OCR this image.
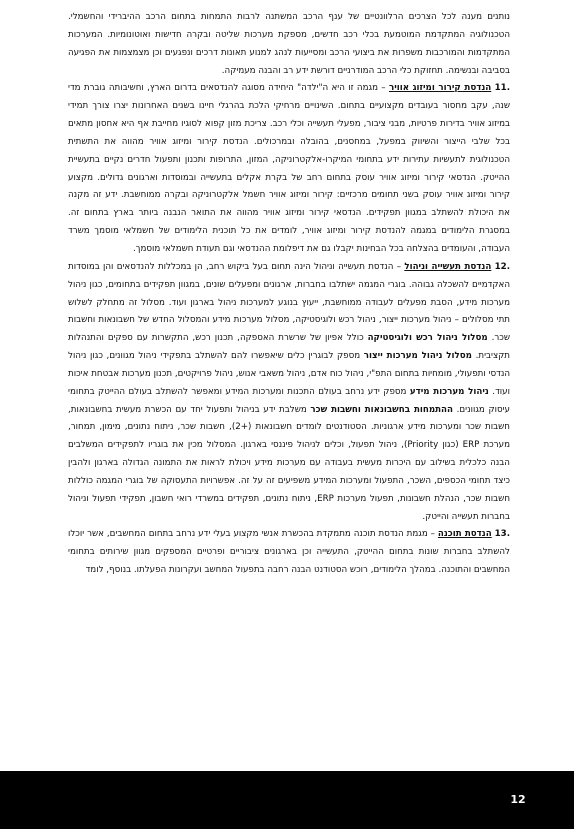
נותנים מענה לכל הצרכים הרלוונטיים של ענף הרכב המשתנה לרבות התמחות בתחום הרכב ההיברידי והחשמלי. הטכנולוגיה המתקדמת המוטמעת בכלי רכב חדשים, מספקת מערכות שליטה ובקרה חדישות ואוטונומיות. המערכות המתקדמות והמורכבות משפרות את ביצועי הרכב ומסייעות לנהג למנוע תאונות דרכים ונפגעים וכן מצמצמות את הפגיעה בסביבה ובנשימה. תחזוקת כלי הרכב המודרניים דורשת ידע רב והבנה מעמיקה.

.11 הנדסת קירור ומיזוג אוויר – מגמה זו היא ה"ילדה" היחידה מסוגה להנדסאים בדרום הארץ, וחשיבותה גוברת מדי שנה, עקב מחסור בעובדים מקצועיים בתחום. השינויים מרחיקי הלכת בהרגלי חיינו בשנים האחרונות יצרו צורך תמידי במיזוג אוויר בדירות פרטיות, מבני ציבור, מפעלי תעשייה וכלי רכב. צריכת מזון קפוא לסוגיו מחייבת אף היא אחסון מתאים בכל שלבי הייצור והשיווק במפעל, במחסנים, בהובלה ובמרכולים. הנדסת קירור ומיזוג אוויר מהווה את התשתית הטכנולוגית לתעשיות עתירות ידע בתחומי המיקרו-אלקטרוניקה, המזון, התרופות ותכנון ותפעול חדרים נקיים בתעשיית ההייטק. הנדסאי קירור ומיזוג אוויר עוסק בתחום רחב של בקרת אקלים בתעשייה ובמוסדות וארגונים גדולים. מקצוע קירור ומיזוג אוויר עוסק בשני תחומים מרכזיים: קירור ומיזוג אוויר חשמל אלקטרוניקה ובקרה ממוחשבת. ידע זה מקנה את היכולת להשתלב במגוון תפקידים. הנדסאי קירור ומיזוג אוויר מהווה את התואר הנבנה ביותר בארץ בתחום זה. במסגרת הלימודים במגמה להנדסת קירור ומיזוג אוויר, לומדים את כל תוכנית הלימודים של חשמלאי מוסמך משרד העבודה, והעומדים בהצלחה בכל הבחינות יקבלו גם את דיפלומת ההנדסאי וגם תעודת חשמלאי מוסמך.

.12 הנדסת תעשייה וניהול – הנדסת תעשייה וניהול הינה תחום בעל ביקוש רחב, הן במכללות להנדסאים והן במוסדות האקדמיים להשכלה גבוהה. בוגרי המגמה ישתלבו בחברות, ארגונים ומפעלים שונים, במגוון תפקידים בתחומים, כגון ניהול מערכות מידע, הסבת מפעלים לעבודה ממוחשבת, ייעוץ בנוגע למערכות ניהול בארגון ועוד. מסלול זה מתחלק לשלוש תתי מסלולים – ניהול מערכות ייצור, ניהול רכש ולוגיסטיקה, מסלול מערכות מידע והמסלול החדש של חשבונאות וחשבות שכר. מסלול ניהול רכש ולוגיסטיקה כולל אפיון של שרשרת האספקה, תכנון רכש, התקשרות עם ספקים והתנהלות תקציבית. מסלול ניהול מערכות ייצור מספק לבוגרין כלים שיאפשרו להם להשתלב בתפקידי ניהול מגוונים, כגון ניהול הנדסי ותפעולי, מומחיות בתחום התפ"י, ניהול כוח אדם, ניהול משאבי אנוש, ניהול פרויקטים, תכנון מערכות אבטחת איכות ועוד. ניהול מערכות מידע מספק ידע נרחב בעולם התכנות ומערכות המידע ומאפשר להשתלב בעולם ההייטק בתחומי עיסוק מגוונים. ההתמחות בחשבונאות וחשבות שכר משלבת ידע בניהול ותפעול יחד עם הכשרת מעשית בחשבונאות, חשבות שכר ומערכות מידע ארגוניות. הסטודנטים לומדים חשבונאות (+2), חשבות שכר, ניתוח נתונים, מימון, תמחור, מערכת ERP (כגון Priority), ניהול תפעול, וכלים לניהול פיננסי בארגון. המסלול מכין את בוגריו לתפקידים המשלבים הבנה כלכלית בשילוב עם היכרות מעשית בעבודה עם מערכות מידע ויכולת לראות את התמונה הגדולה בארגון ולהבין כיצד תחומי הכספים, השכר, התפעול ומערכות המידע משפיעים זה על זה. אפשרויות התעסוקה של בוגרי המגמה כוללות חשבות שכר, הנהלת חשבונות, תפעול מערכות ERP, ניתוח נתונים, תפקידים במשרדי רואי חשבון, תפקידי תפעול וניהול בחברות תעשייה והייטק.

.13 הנדסת תוכנה – מגמת הנדסת תוכנה מתמקדת בהכשרת אנשי מקצוע בעלי ידע נרחב בתחום המחשבים, אשר יוכלו להשתלב בחברות שונות בתחום ההייטק, התעשייה וכן בארגונים ציבוריים ופרטיים המספקים מגוון שירותים בתחומי המחשבים והתוכנה. במהלך הלימודים, רוכש הסטודנט הבנה רחבה בתפעול המחשב ועקרונות הפעלתו. בנוסף, לומד

12
